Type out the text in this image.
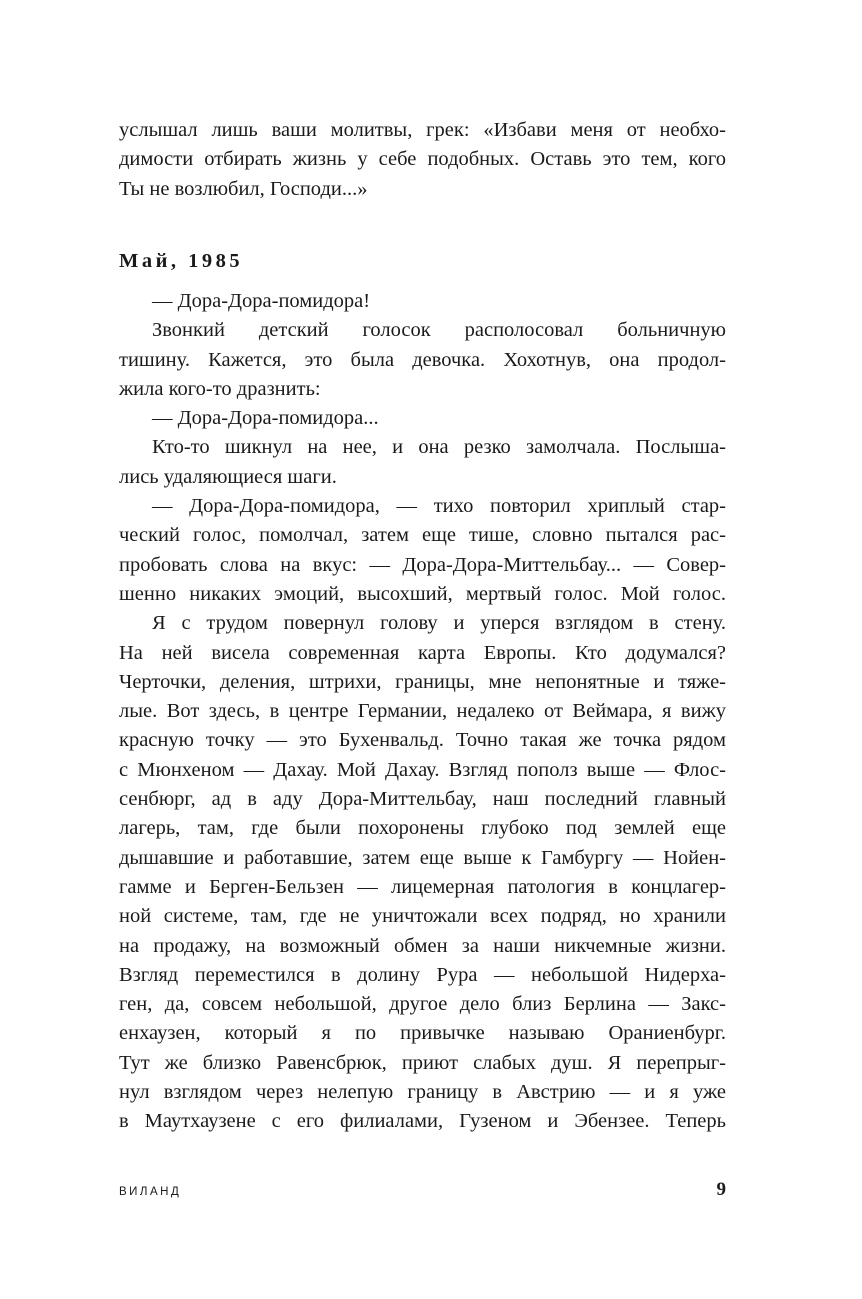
услышал лишь ваши молитвы, грек: «Избави меня от необхо-
димости отбирать жизнь у себе подобных. Оставь это тем, кого
Ты не возлюбил, Господи...»
Май, 1985
— Дора-Дора-помидора!
Звонкий детский голосок располосовал больничную
тишину. Кажется, это была девочка. Хохотнув, она продол-
жила кого-то дразнить:
— Дора-Дора-помидора...
Кто-то шикнул на нее, и она резко замолчала. Послыша-
лись удаляющиеся шаги.
— Дора-Дора-помидора, — тихо повторил хриплый стар-
ческий голос, помолчал, затем еще тише, словно пытался рас-
пробовать слова на вкус: — Дора-Дора-Миттельбау... — Совер-
шенно никаких эмоций, высохший, мертвый голос. Мой голос.
Я с трудом повернул голову и уперся взглядом в стену.
На ней висела современная карта Европы. Кто додумался?
Черточки, деления, штрихи, границы, мне непонятные и тяже-
лые. Вот здесь, в центре Германии, недалеко от Веймара, я вижу
красную точку — это Бухенвальд. Точно такая же точка рядом
с Мюнхеном — Дахау. Мой Дахау. Взгляд пополз выше — Флос-
сенбюрг, ад в аду Дора-Миттельбау, наш последний главный
лагерь, там, где были похоронены глубоко под землей еще
дышавшие и работавшие, затем еще выше к Гамбургу — Нойен-
гамме и Берген-Бельзен — лицемерная патология в концлагер-
ной системе, там, где не уничтожали всех подряд, но хранили
на продажу, на возможный обмен за наши никчемные жизни.
Взгляд переместился в долину Рура — небольшой Нидерха-
ген, да, совсем небольшой, другое дело близ Берлина — Закс-
енхаузен, который я по привычке называю Ораниенбург.
Тут же близко Равенсбрюк, приют слабых душ. Я перепрыг-
нул взглядом через нелепую границу в Австрию — и я уже
в Маутхаузене с его филиалами, Гузеном и Эбензее. Теперь
ВИЛАНД	9
